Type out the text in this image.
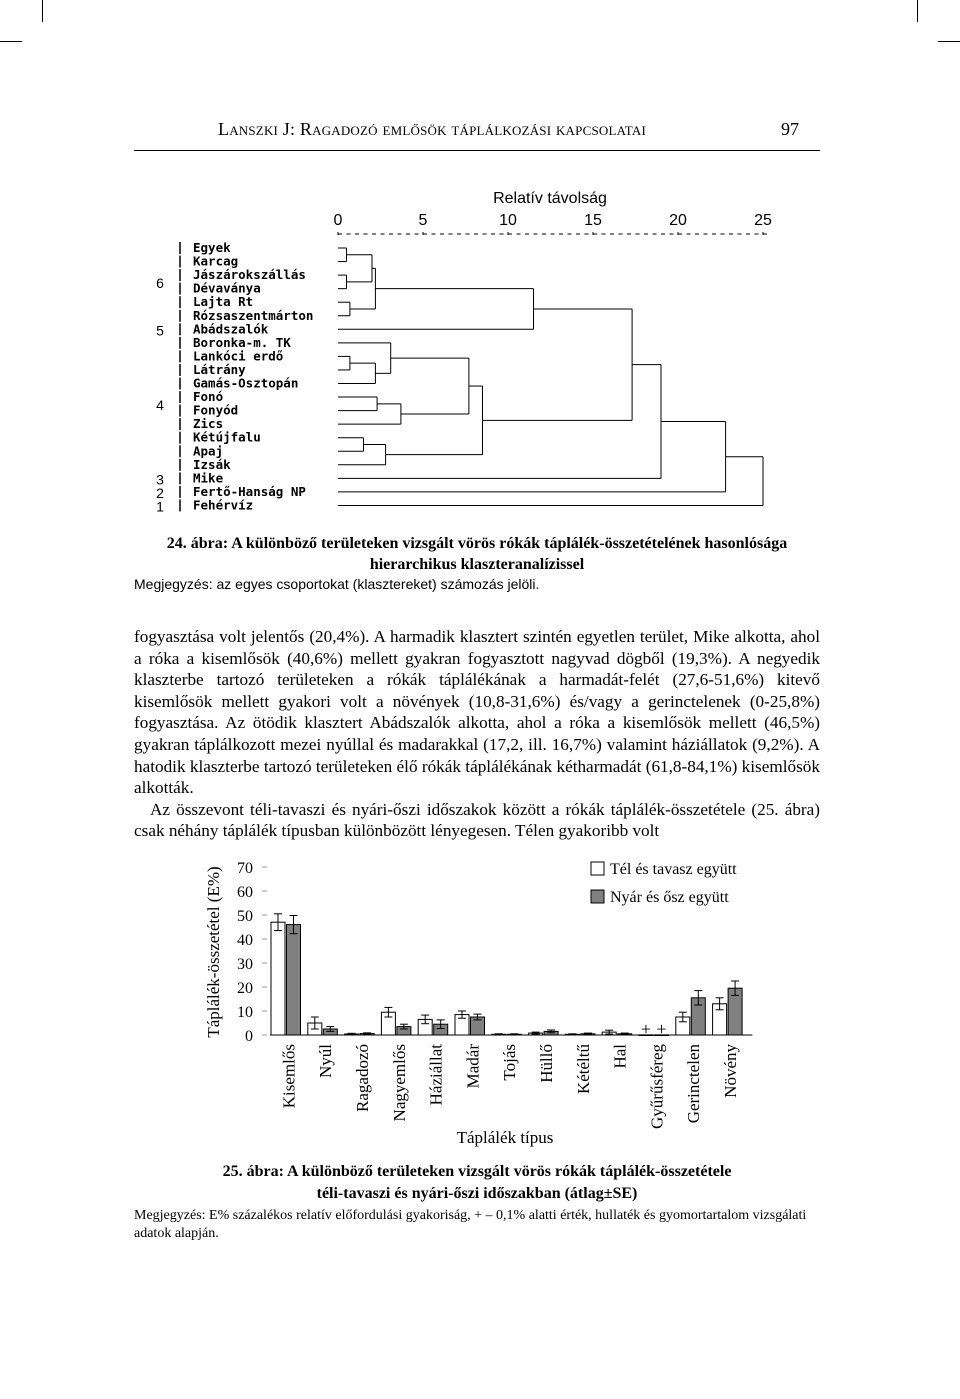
Lanszki J: Ragadozó emlősök táplálkozási kapcsolatai	97
Relatív távolság
0	5	10	15	20	25
Egyek
Karcag
Jászárokszállás
Dévaványa
Lajta Rt
Rózsaszentmárton
Abádszalók
Boronka-m. TK
Lankóci erdő
Látrány
Gamás-Osztopán
Fonó
Fonyód
Zics
Kétújfalu
Apaj
Izsák
Mike
Fertő-Hanság NP
Fehérvíz
6
5
4
3
2
1
24. ábra: A különböző területeken vizsgált vörös rókák táplálék-összetételének hasonlósága
hierarchikus klaszteranalízissel
Megjegyzés: az egyes csoportokat (klasztereket) számozás jelöli.

fogyasztása volt jelentős (20,4%). A harmadik klasztert szintén egyetlen terület, Mike alkotta, ahol a róka a kisemlősök (40,6%) mellett gyakran fogyasztott nagyvad dögből (19,3%). A negyedik klaszterbe tartozó területeken a rókák táplálékának a harmadát-felét (27,6-51,6%) kitevő kisemlősök mellett gyakori volt a növények (10,8-31,6%) és/vagy a gerinctelenek (0-25,8%) fogyasztása. Az ötödik klasztert Abádszalók alkotta, ahol a róka a kisemlősök mellett (46,5%) gyakran táplálkozott mezei nyúllal és madarakkal (17,2, ill. 16,7%) valamint háziállatok (9,2%). A hatodik klaszterbe tartozó területeken élő rókák táplálékának kétharmadát (61,8-84,1%) kisemlősök alkották.

Az összevont téli-tavaszi és nyári-őszi időszakok között a rókák táplálék-összetétele (25. ábra) csak néhány táplálék típusban különbözött lényegesen. Télen gyakoribb volt

0
10
20
30
40
50
60
70
Táplálék-összetétel (E%)
Kisemlős Nyúl Ragadozó Nagyemlős Háziállat Madár Tojás Hüllő Kétéltű Hal Gyűrűsféreg Gerinctelen Növény
+ +
Táplálék típus
Tél és tavasz együtt
Nyár és ősz együtt
25. ábra: A különböző területeken vizsgált vörös rókák táplálék-összetétele
téli-tavaszi és nyári-őszi időszakban (átlag±SE)
Megjegyzés: E% százalékos relatív előfordulási gyakoriság, + – 0,1% alatti érték, hullaték és gyomortartalom vizsgálati adatok alapján.
